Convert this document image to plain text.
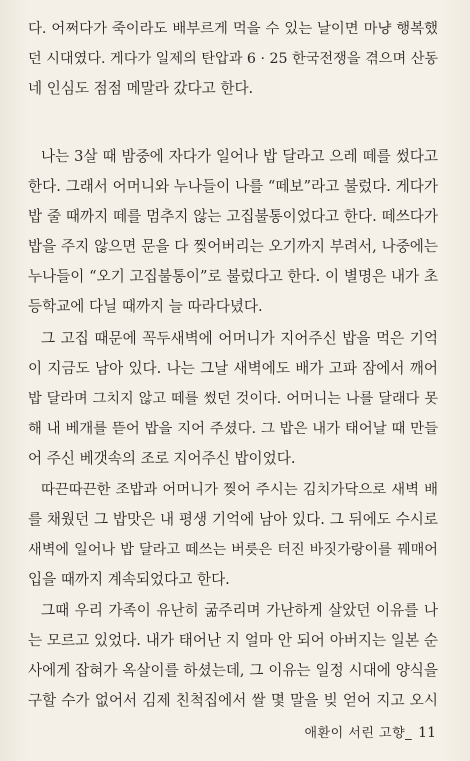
다. 어쩌다가 죽이라도 배부르게 먹을 수 있는 날이면 마냥 행복했
던 시대였다. 게다가 일제의 탄압과 6 · 25 한국전쟁을 겪으며 산동
네 인심도 점점 메말라 갔다고 한다.
나는 3살 때 밤중에 자다가 일어나 밥 달라고 으레 떼를 썼다고
한다. 그래서 어머니와 누나들이 나를 “떼보”라고 불렀다. 게다가
밥 줄 때까지 떼를 멈추지 않는 고집불통이었다고 한다. 떼쓰다가
밥을 주지 않으면 문을 다 찢어버리는 오기까지 부려서, 나중에는
누나들이 “오기 고집불통이”로 불렀다고 한다. 이 별명은 내가 초
등학교에 다닐 때까지 늘 따라다녔다.
그 고집 때문에 꼭두새벽에 어머니가 지어주신 밥을 먹은 기억
이 지금도 남아 있다. 나는 그날 새벽에도 배가 고파 잠에서 깨어
밥 달라며 그치지 않고 떼를 썼던 것이다. 어머니는 나를 달래다 못
해 내 베개를 뜯어 밥을 지어 주셨다. 그 밥은 내가 태어날 때 만들
어 주신 베갯속의 조로 지어주신 밥이었다.
따끈따끈한 조밥과 어머니가 찢어 주시는 김치가닥으로 새벽 배
를 채웠던 그 밥맛은 내 평생 기억에 남아 있다. 그 뒤에도 수시로
새벽에 일어나 밥 달라고 떼쓰는 버릇은 터진 바짓가랑이를 꿰매어
입을 때까지 계속되었다고 한다.
그때 우리 가족이 유난히 굶주리며 가난하게 살았던 이유를 나
는 모르고 있었다. 내가 태어난 지 얼마 안 되어 아버지는 일본 순
사에게 잡혀가 옥살이를 하셨는데, 그 이유는 일정 시대에 양식을
구할 수가 없어서 김제 친척집에서 쌀 몇 말을 빚 얻어 지고 오시
애환이 서린 고향_ 11
